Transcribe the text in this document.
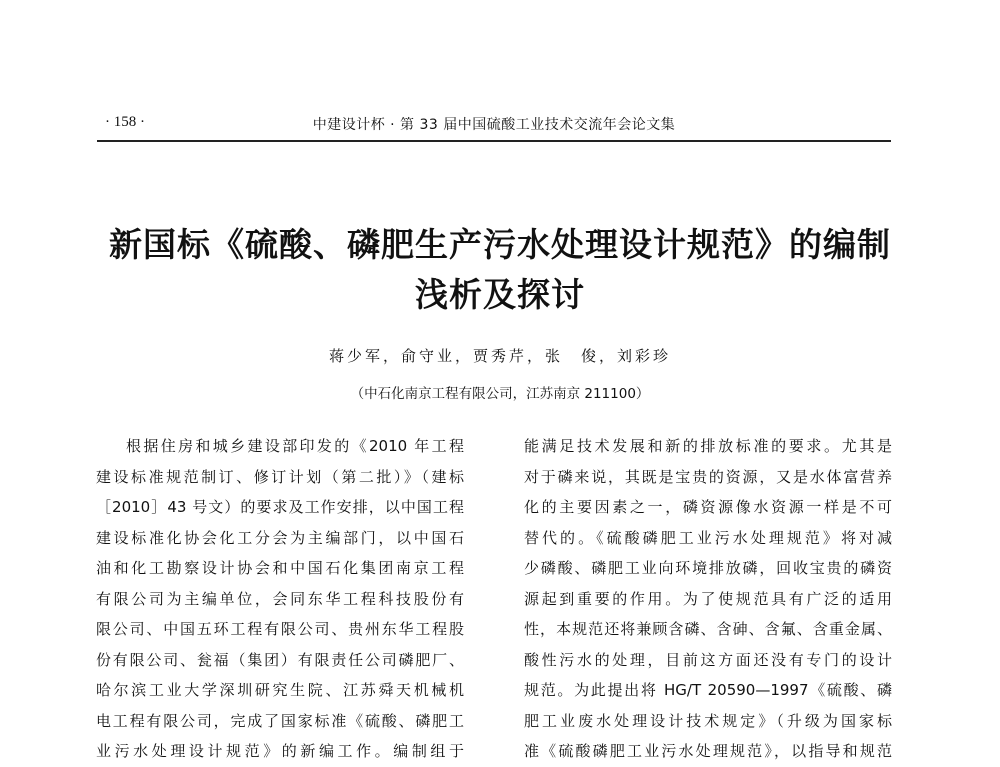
· 158 ·	中建设计杯 · 第 33 届中国硫酸工业技术交流年会论文集
新国标《硫酸、磷肥生产污水处理设计规范》的编制
浅析及探讨
蒋少军，俞守业，贾秀芹，张　俊，刘彩珍
（中石化南京工程有限公司，江苏南京 211100）
根据住房和城乡建设部印发的《2010 年工程
建设标准规范制订、修订计划（第二批）》（建标
［2010］43 号文）的要求及工作安排，以中国工程
建设标准化协会化工分会为主编部门，以中国石
油和化工勘察设计协会和中国石化集团南京工程
有限公司为主编单位，会同东华工程科技股份有
限公司、中国五环工程有限公司、贵州东华工程股
份有限公司、瓮福（集团）有限责任公司磷肥厂、
哈尔滨工业大学深圳研究生院、江苏舜天机械机
电工程有限公司，完成了国家标准《硫酸、磷肥工
业污水处理设计规范》的新编工作。编制组于
能满足技术发展和新的排放标准的要求。尤其是
对于磷来说，其既是宝贵的资源，又是水体富营养
化的主要因素之一，磷资源像水资源一样是不可
替代的。《硫酸磷肥工业污水处理规范》将对减
少磷酸、磷肥工业向环境排放磷，回收宝贵的磷资
源起到重要的作用。为了使规范具有广泛的适用
性，本规范还将兼顾含磷、含砷、含氟、含重金属、
酸性污水的处理，目前这方面还没有专门的设计
规范。为此提出将 HG/T 20590—1997《硫酸、磷
肥工业废水处理设计技术规定》（升级为国家标
准《硫酸磷肥工业污水处理规范》，以指导和规范
